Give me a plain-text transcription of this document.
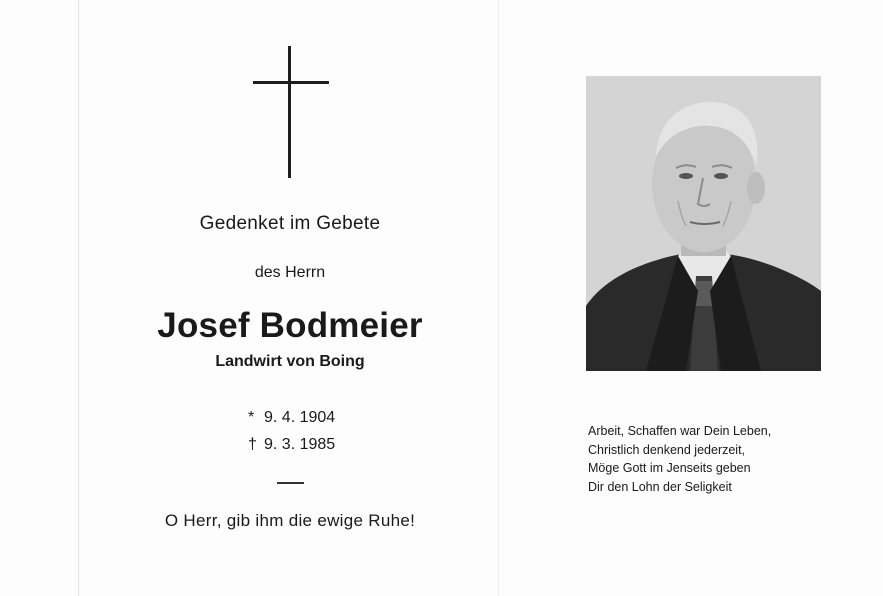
Gedenket im Gebete
des Herrn
Josef Bodmeier
Landwirt von Boing
* 9. 4. 1904
† 9. 3. 1985
O Herr, gib ihm die ewige Ruhe!
Arbeit, Schaffen war Dein Leben,
Christlich denkend jederzeit,
Möge Gott im Jenseits geben
Dir den Lohn der Seligkeit
